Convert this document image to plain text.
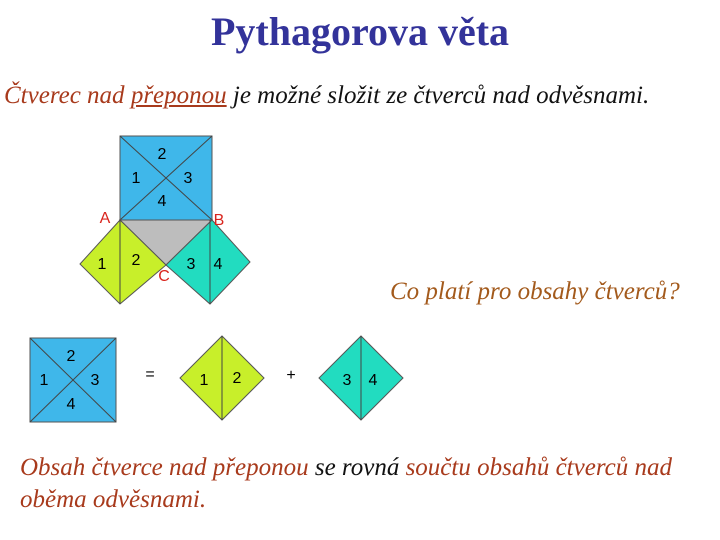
Pythagorova věta
Čtverec nad přeponou je možné složit ze čtverců nad odvěsnami.
Co platí pro obsahy čtverců?
Obsah čtverce nad přeponou se rovná součtu obsahů čtverců nad
oběma odvěsnami.
2
1	3
4
1 2	3 4
A	B
C
2
1	3
4
=	1 2	+	3 4
